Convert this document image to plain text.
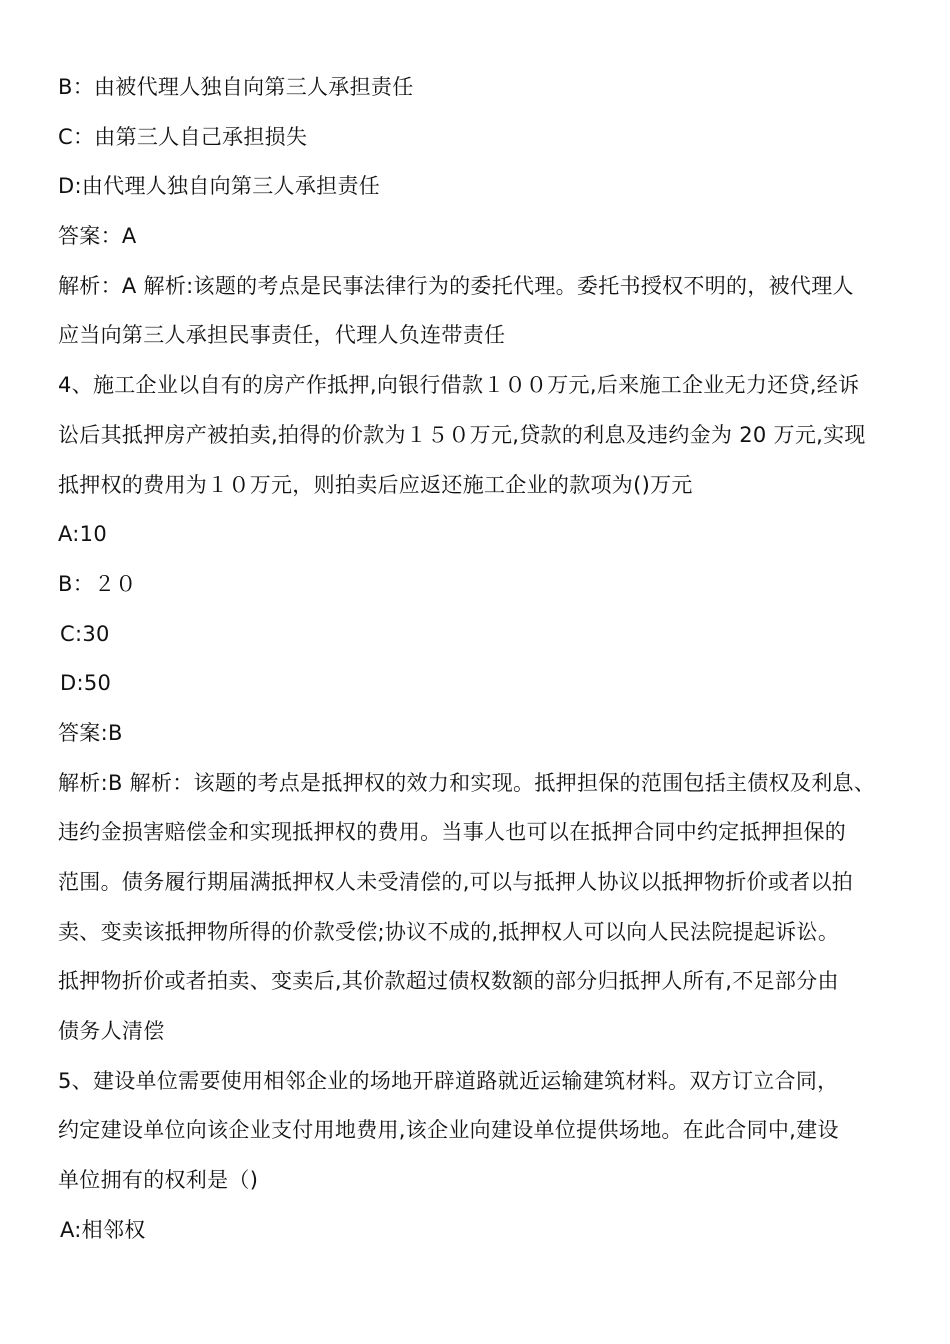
B：由被代理人独自向第三人承担责任
C：由第三人自己承担损失
D:由代理人独自向第三人承担责任
答案：A
解析：A 解析:该题的考点是民事法律行为的委托代理。委托书授权不明的，被代理人
应当向第三人承担民事责任，代理人负连带责任
4、施工企业以自有的房产作抵押,向银行借款１００万元,后来施工企业无力还贷,经诉
讼后其抵押房产被拍卖,拍得的价款为１５０万元,贷款的利息及违约金为 20 万元,实现
抵押权的费用为１０万元，则拍卖后应返还施工企业的款项为()万元
A:10
B：２０
C:30
D:50
答案:B
解析:B 解析：该题的考点是抵押权的效力和实现。抵押担保的范围包括主债权及利息、
违约金损害赔偿金和实现抵押权的费用。当事人也可以在抵押合同中约定抵押担保的
范围。债务履行期届满抵押权人未受清偿的,可以与抵押人协议以抵押物折价或者以拍
卖、变卖该抵押物所得的价款受偿;协议不成的,抵押权人可以向人民法院提起诉讼。
抵押物折价或者拍卖、变卖后,其价款超过债权数额的部分归抵押人所有,不足部分由
债务人清偿
5、建设单位需要使用相邻企业的场地开辟道路就近运输建筑材料。双方订立合同，
约定建设单位向该企业支付用地费用,该企业向建设单位提供场地。在此合同中,建设
单位拥有的权利是（)
A:相邻权
